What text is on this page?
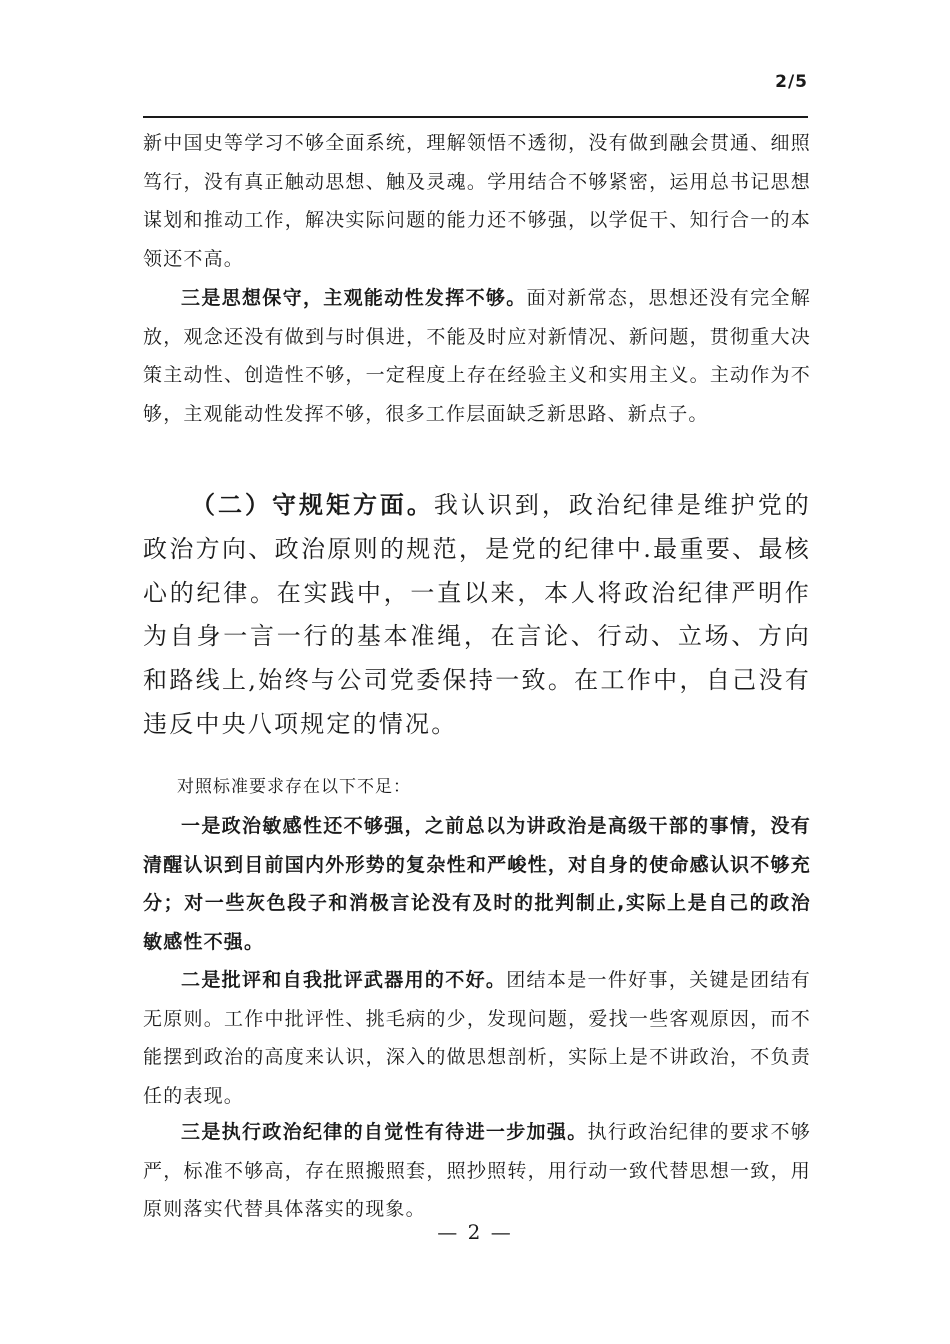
2/5

新中国史等学习不够全面系统，理解领悟不透彻，没有做到融会贯通、细照笃行，没有真正触动思想、触及灵魂。学用结合不够紧密，运用总书记思想谋划和推动工作，解决实际问题的能力还不够强，以学促干、知行合一的本领还不高。

三是思想保守，主观能动性发挥不够。面对新常态，思想还没有完全解放，观念还没有做到与时俱进，不能及时应对新情况、新问题，贯彻重大决策主动性、创造性不够，一定程度上存在经验主义和实用主义。主动作为不够，主观能动性发挥不够，很多工作层面缺乏新思路、新点子。

（二）守规矩方面。我认识到，政治纪律是维护党的政治方向、政治原则的规范，是党的纪律中.最重要、最核心的纪律。在实践中，一直以来，本人将政治纪律严明作为自身一言一行的基本准绳，在言论、行动、立场、方向和路线上,始终与公司党委保持一致。在工作中，自己没有违反中央八项规定的情况。

对照标准要求存在以下不足：

一是政治敏感性还不够强，之前总以为讲政治是高级干部的事情，没有清醒认识到目前国内外形势的复杂性和严峻性，对自身的使命感认识不够充分；对一些灰色段子和消极言论没有及时的批判制止,实际上是自己的政治敏感性不强。

二是批评和自我批评武器用的不好。团结本是一件好事，关键是团结有无原则。工作中批评性、挑毛病的少，发现问题，爱找一些客观原因，而不能摆到政治的高度来认识，深入的做思想剖析，实际上是不讲政治，不负责任的表现。

三是执行政治纪律的自觉性有待进一步加强。执行政治纪律的要求不够严，标准不够高，存在照搬照套，照抄照转，用行动一致代替思想一致，用原则落实代替具体落实的现象。

— 2 —
